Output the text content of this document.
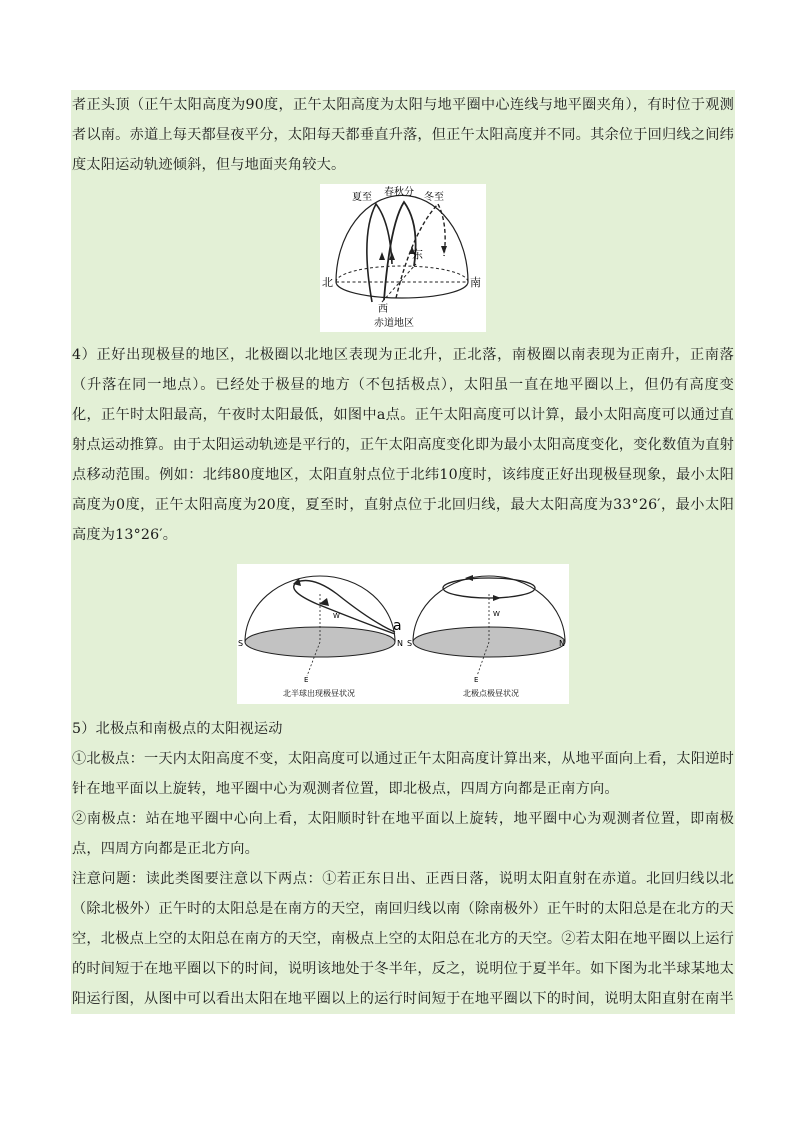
者正头顶（正午太阳高度为90度，正午太阳高度为太阳与地平圈中心连线与地平圈夹角），有时位于观测者以南。赤道上每天都昼夜平分，太阳每天都垂直升落，但正午太阳高度并不同。其余位于回归线之间纬度太阳运动轨迹倾斜，但与地面夹角较大。

夏至 春秋分 冬至
东
北	南
西
赤道地区

4）正好出现极昼的地区，北极圈以北地区表现为正北升，正北落，南极圈以南表现为正南升，正南落（升落在同一地点）。已经处于极昼的地方（不包括极点），太阳虽一直在地平圈以上，但仍有高度变化，正午时太阳最高，午夜时太阳最低，如图中a点。正午太阳高度可以计算，最小太阳高度可以通过直射点运动推算。由于太阳运动轨迹是平行的，正午太阳高度变化即为最小太阳高度变化，变化数值为直射点移动范围。例如：北纬80度地区，太阳直射点位于北纬10度时，该纬度正好出现极昼现象，最小太阳高度为0度，正午太阳高度为20度，夏至时，直射点位于北回归线，最大太阳高度为33°26′，最小太阳高度为13°26′。

S	N
W
E
a
北半球出现极昼状况
S	N
W
E
北极点极昼状况

5）北极点和南极点的太阳视运动

①北极点：一天内太阳高度不变，太阳高度可以通过正午太阳高度计算出来，从地平面向上看，太阳逆时针在地平面以上旋转，地平圈中心为观测者位置，即北极点，四周方向都是正南方向。

②南极点：站在地平圈中心向上看，太阳顺时针在地平面以上旋转，地平圈中心为观测者位置，即南极点，四周方向都是正北方向。

注意问题：读此类图要注意以下两点：①若正东日出、正西日落，说明太阳直射在赤道。北回归线以北（除北极外）正午时的太阳总是在南方的天空，南回归线以南（除南极外）正午时的太阳总是在北方的天空，北极点上空的太阳总在南方的天空，南极点上空的太阳总在北方的天空。②若太阳在地平圈以上运行的时间短于在地平圈以下的时间，说明该地处于冬半年，反之，说明位于夏半年。如下图为北半球某地太阳运行图，从图中可以看出太阳在地平圈以上的运行时间短于在地平圈以下的时间，说明太阳直射在南半
